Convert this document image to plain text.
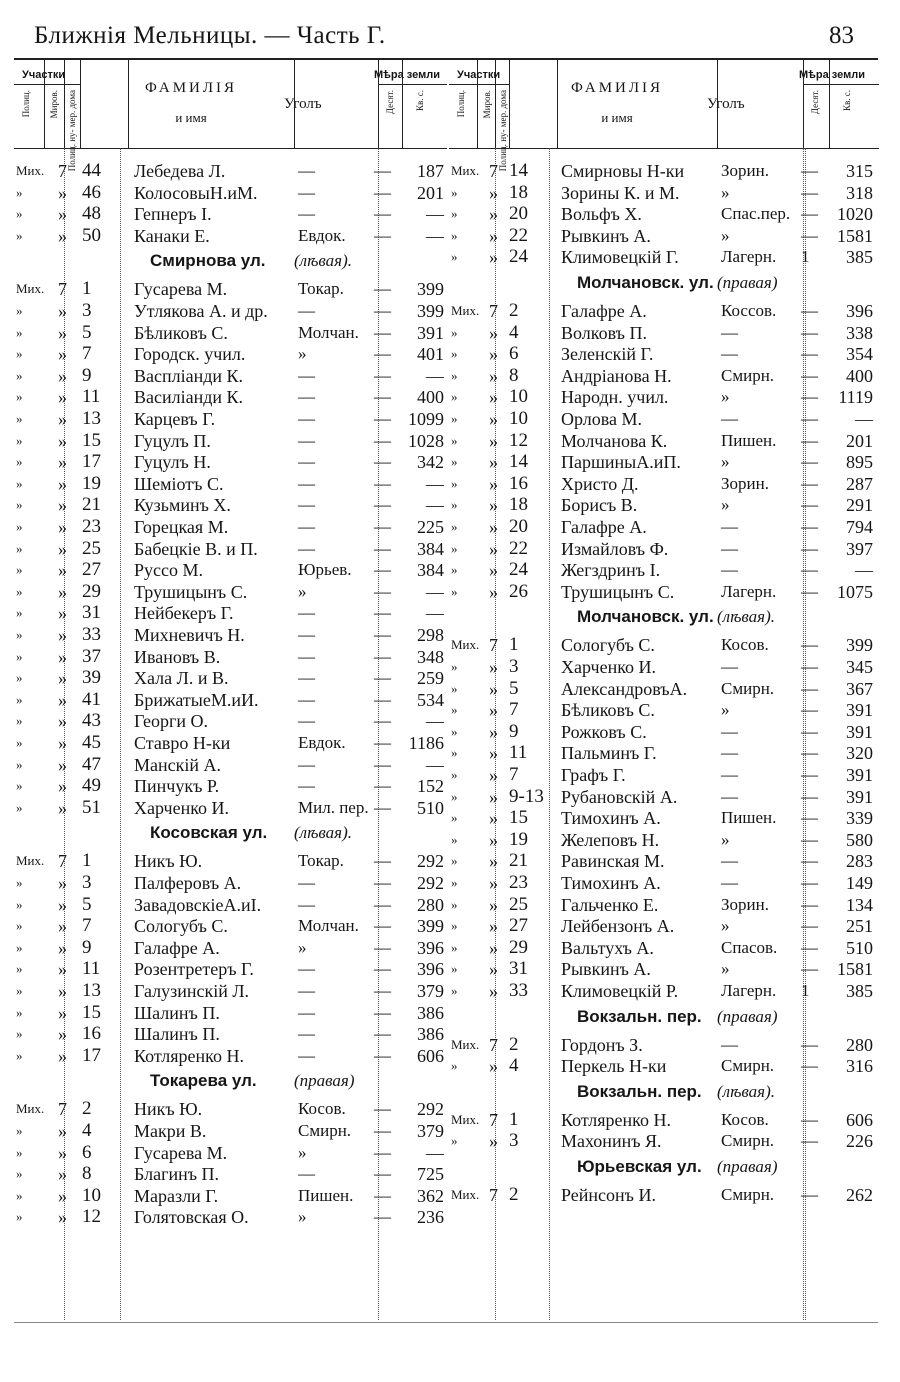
Ближнія Мельницы. — Часть Г.	83
Участки	Мѣра земли
Полиц. Миров. Полиц. ну- мер. дома	Десят. Кв. с.
ФАМИЛІЯ
и имя
Уголъ
Мих. 7 44 Лебедева Л.	—	— 187
» » 46 КолосовыН.иМ. —	— 201
» » 48 Гепнеръ І.	—	— —
» » 50 Канаки Е.	Евдок. — —
Смирнова ул. (лѣвая).
Мих. 7 1 Гусарева М.	Токар. — 399
» » 3 Утлякова А. и др. —	— 399
» » 5 Бѣликовъ С.	Молчан. — 391
» » 7 Городск. учил.	»	— 401
» » 9 Васпліанди К.	—	— —
» » 11 Василіанди К.	—	— 400
» » 13 Карцевъ Г.	—	— 1099
» » 15 Гуцулъ П.	—	— 1028
» » 17 Гуцулъ Н.	—	— 342
» » 19 Шеміотъ С.	—	— —
» » 21 Кузьминъ Х.	—	— —
» » 23 Горецкая М.	—	— 225
» » 25 Бабецкіе В. и П. —	— 384
» » 27 Руссо М.	Юрьев. — 384
» » 29 Трушицынъ С.	»	— —
» » 31 Нейбекеръ Г.	—	— —
» » 33 Михневичъ Н.	—	— 298
» » 37 Ивановъ В.	—	— 348
» » 39 Хала Л. и В.	—	— 259
» » 41 БрижатыеМ.иИ. —	— 534
» » 43 Георги О.	—	— —
» » 45 Ставро Н-ки	Евдок. — 1186
» » 47 Манскій А.	—	— —
» » 49 Пинчукъ Р.	—	— 152
» » 51 Харченко И.	Мил. пер. — 510
Косовская ул. (лѣвая).
Мих. 7 1 Никъ Ю.	Токар. — 292
» » 3 Палферовъ А.	—	— 292
» » 5 ЗавадовскіеА.иІ. —	— 280
» » 7 Сологубъ С.	Молчан. — 399
» » 9 Галафре А.	»	— 396
» » 11 Розентретеръ Г.	—	— 396
» » 13 Галузинскій Л.	—	— 379
» » 15 Шалинъ П.	—	— 386
» » 16 Шалинъ П.	—	— 386
» » 17 Котляренко Н.	—	— 606
Токарева ул. (правая)
Мих. 7 2 Никъ Ю.	Косов. — 292
» » 4 Макри В.	Смирн. — 379
» » 6 Гусарева М.	»	— —
» » 8 Благинъ П.	—	— 725
» » 10 Маразли Г.	Пишен. — 362
» » 12 Голятовская О.	»	— 236
Участки	Мѣра земли
Полиц. Миров. Полиц. ну- мер. дома	Десят. Кв. с.
ФАМИЛІЯ
и имя
Уголъ
Мих. 7 14 Смирновы Н-ки Зорин. — 315
» » 18 Зорины К. и М. »	— 318
» » 20 Вольфъ Х.	Спас.пер. — 1020
» » 22 Рывкинъ А.	»	— 1581
» » 24 Климовецкій Г. Лагерн. 1 385
Молчановск. ул. (правая)
Мих. 7 2 Галафре А.	Коссов. — 396
» » 4 Волковъ П.	—	— 338
» » 6 Зеленскій Г.	—	— 354
» » 8 Андріанова Н.	Смирн. — 400
» » 10 Народн. учил.	»	— 1119
» » 10 Орлова М.	—	— —
» » 12 Молчанова К.	Пишен. — 201
» » 14 ПаршиныА.иП. »	— 895
» » 16 Христо Д.	Зорин. — 287
» » 18 Борисъ В.	»	— 291
» » 20 Галафре А.	—	— 794
» » 22 Измайловъ Ф.	—	— 397
» » 24 Жегздринъ І.	—	— —
» » 26 Трушицынъ С.	Лагерн. — 1075
Молчановск. ул. (лѣвая).
Мих. 7 1 Сологубъ С.	Косов. — 399
» » 3 Харченко И.	—	— 345
» » 5 АлександровъА. Смирн. — 367
» » 7 Бѣликовъ С.	»	— 391
» » 9 Рожковъ С.	—	— 391
» » 11 Пальминъ Г.	—	— 320
» » 7 Графъ Г.	—	— 391
» » 9-13 Рубановскій А.	—	— 391
» » 15 Тимохинъ А.	Пишен. — 339
» » 19 Желеповъ Н.	»	— 580
» » 21 Равинская М.	—	— 283
» » 23 Тимохинъ А.	—	— 149
» » 25 Гальченко Е.	Зорин. — 134
» » 27 Лейбензонъ А.	»	— 251
» » 29 Вальтухъ А.	Спасов. — 510
» » 31 Рывкинъ А.	»	— 1581
» » 33 Климовецкій Р.	Лагерн. 1 385
Вокзальн. пер. (правая)
Мих. 7 2 Гордонъ З.	—	— 280
» » 4 Перкель Н-ки	Смирн. — 316
Вокзальн. пер. (лѣвая).
Мих. 7 1 Котляренко Н.	Косов. — 606
» » 3 Махонинъ Я.	Смирн. — 226
Юрьевская ул. (правая)
Мих. 7 2 Рейнсонъ И.	Смирн. — 262
